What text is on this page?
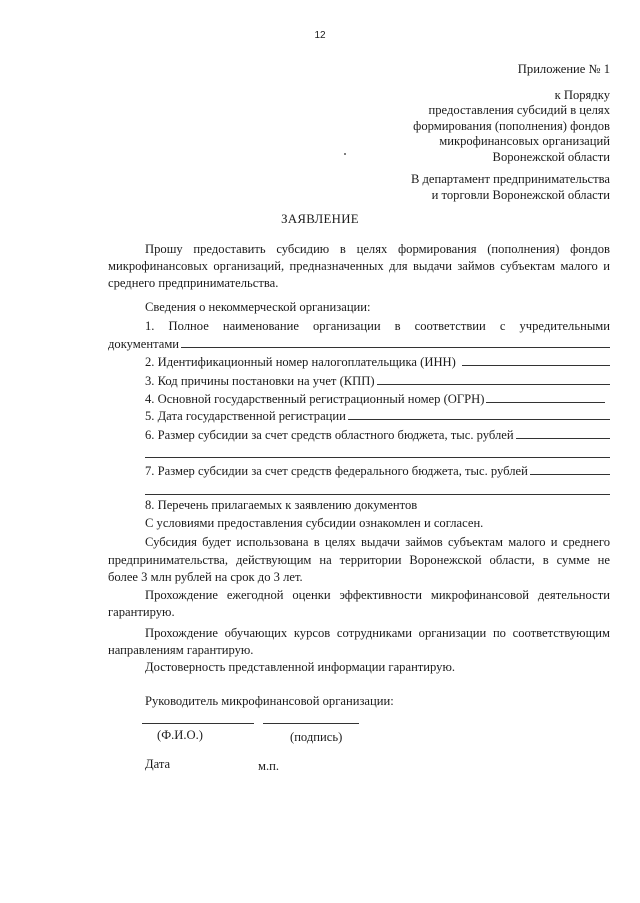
12
Приложение № 1
к Порядку
предоставления субсидий в целях
формирования (пополнения) фондов
микрофинансовых организаций
Воронежской области
В департамент предпринимательства
и торговли Воронежской области
ЗАЯВЛЕНИЕ
Прошу предоставить субсидию в целях формирования (пополнения) фондов
микрофинансовых организаций, предназначенных для выдачи займов субъектам малого и
среднего предпринимательства.
Сведения о некоммерческой организации:
1. Полное наименование организации в соответствии с учредительными
документами
2. Идентификационный номер налогоплательщика (ИНН)
3. Код причины постановки на учет (КПП)
4. Основной государственный регистрационный номер (ОГРН)
5. Дата государственной регистрации
6. Размер субсидии за счет средств областного бюджета, тыс. рублей
7. Размер субсидии за счет средств федерального бюджета, тыс. рублей
8. Перечень прилагаемых к заявлению документов
С условиями предоставления субсидии ознакомлен и согласен.
Субсидия будет использована в целях выдачи займов субъектам малого и среднего
предпринимательства, действующим на территории Воронежской области, в сумме не
более 3 млн рублей на срок до 3 лет.
Прохождение ежегодной оценки эффективности микрофинансовой деятельности
гарантирую.
Прохождение обучающих курсов сотрудниками организации по соответствующим
направлениям гарантирую.
Достоверность представленной информации гарантирую.
Руководитель микрофинансовой организации:
(Ф.И.О.)	(подпись)
Дата	м.п.
